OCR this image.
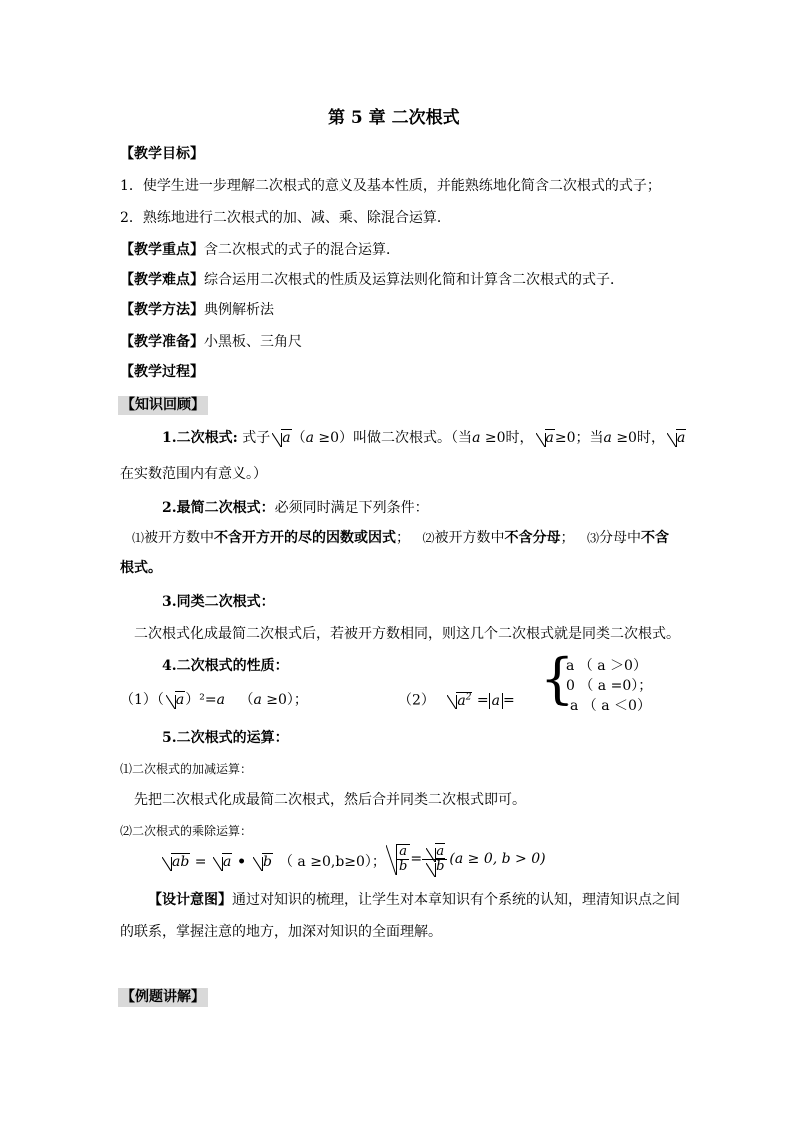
第 5 章 二次根式
【教学目标】
1．使学生进一步理解二次根式的意义及基本性质，并能熟练地化简含二次根式的式子；
2．熟练地进行二次根式的加、减、乘、除混合运算．
【教学重点】含二次根式的式子的混合运算．
【教学难点】综合运用二次根式的性质及运算法则化简和计算含二次根式的式子．
【教学方法】典例解析法
【教学准备】小黑板、三角尺
【教学过程】
【知识回顾】
1.二次根式: 式子 a（a ≥0）叫做二次根式。（当a ≥0时， a≥0；当a ≥0时， a
在实数范围内有意义。）
2.最简二次根式：必须同时满足下列条件：
⑴被开方数中不含开方开的尽的因数或因式； ⑵被开方数中不含分母； ⑶分母中不含
根式。
3.同类二次根式：
二次根式化成最简二次根式后，若被开方数相同，则这几个二次根式就是同类二次根式。
4.二次根式的性质：
（1）（ a）²=a （a ≥0）；	（2） $a^2 = a$ = {
a （ a ＞0）
0 （ a =0）；
－a （ a ＜0）
5.二次根式的运算：
⑴二次根式的加减运算：
先把二次根式化成最简二次根式，然后合并同类二次根式即可。
⑵二次根式的乘除运算：
ab = a • b （ a ≥0,b≥0）； $\frac{a}{b} = \frac{a}{b} (a \ge 0$, b > 0)
【设计意图】通过对知识的梳理，让学生对本章知识有个系统的认知，理清知识点之间
的联系，掌握注意的地方，加深对知识的全面理解。
【例题讲解】
